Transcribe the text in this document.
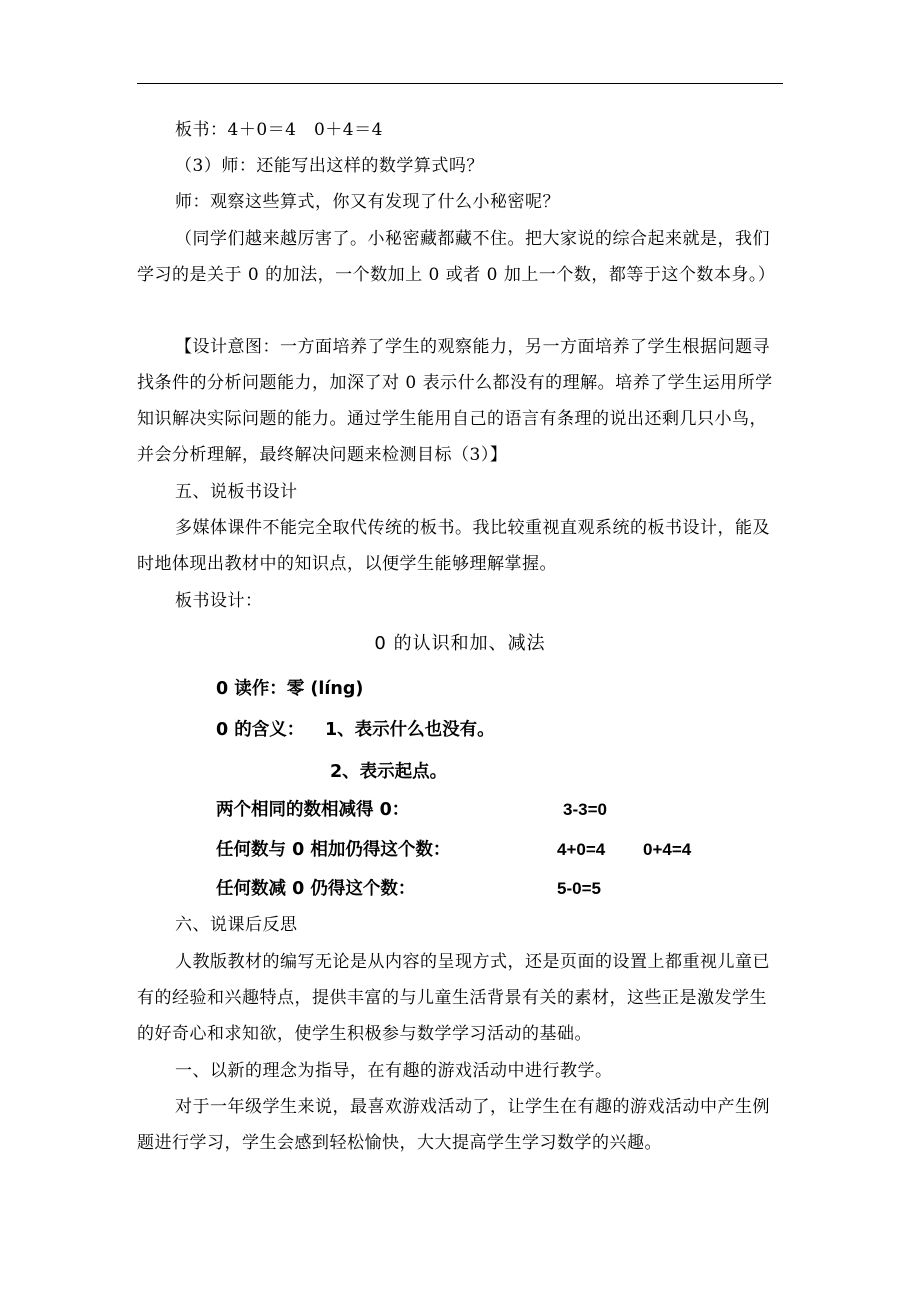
板书：4＋0＝4　0＋4＝4

（3）师：还能写出这样的数学算式吗？

师：观察这些算式，你又有发现了什么小秘密呢？

（同学们越来越厉害了。小秘密藏都藏不住。把大家说的综合起来就是，我们学习的是关于 0 的加法，一个数加上 0 或者 0 加上一个数，都等于这个数本身。）

【设计意图：一方面培养了学生的观察能力，另一方面培养了学生根据问题寻找条件的分析问题能力，加深了对 0 表示什么都没有的理解。培养了学生运用所学知识解决实际问题的能力。通过学生能用自己的语言有条理的说出还剩几只小鸟，并会分析理解，最终解决问题来检测目标（3）】

五、说板书设计

多媒体课件不能完全取代传统的板书。我比较重视直观系统的板书设计，能及时地体现出教材中的知识点，以便学生能够理解掌握。

板书设计：

0 的认识和加、减法

0 读作：零 (líng)

0 的含义： 1、表示什么也没有。

2、表示起点。

两个相同的数相减得 0：	3-3=0

任何数与 0 相加仍得这个数：	4+0=4 0+4=4

任何数减 0 仍得这个数：	5-0=5

六、说课后反思

人教版教材的编写无论是从内容的呈现方式，还是页面的设置上都重视儿童已有的经验和兴趣特点，提供丰富的与儿童生活背景有关的素材，这些正是激发学生的好奇心和求知欲，使学生积极参与数学学习活动的基础。

一、以新的理念为指导，在有趣的游戏活动中进行教学。

对于一年级学生来说，最喜欢游戏活动了，让学生在有趣的游戏活动中产生例题进行学习，学生会感到轻松愉快，大大提高学生学习数学的兴趣。
